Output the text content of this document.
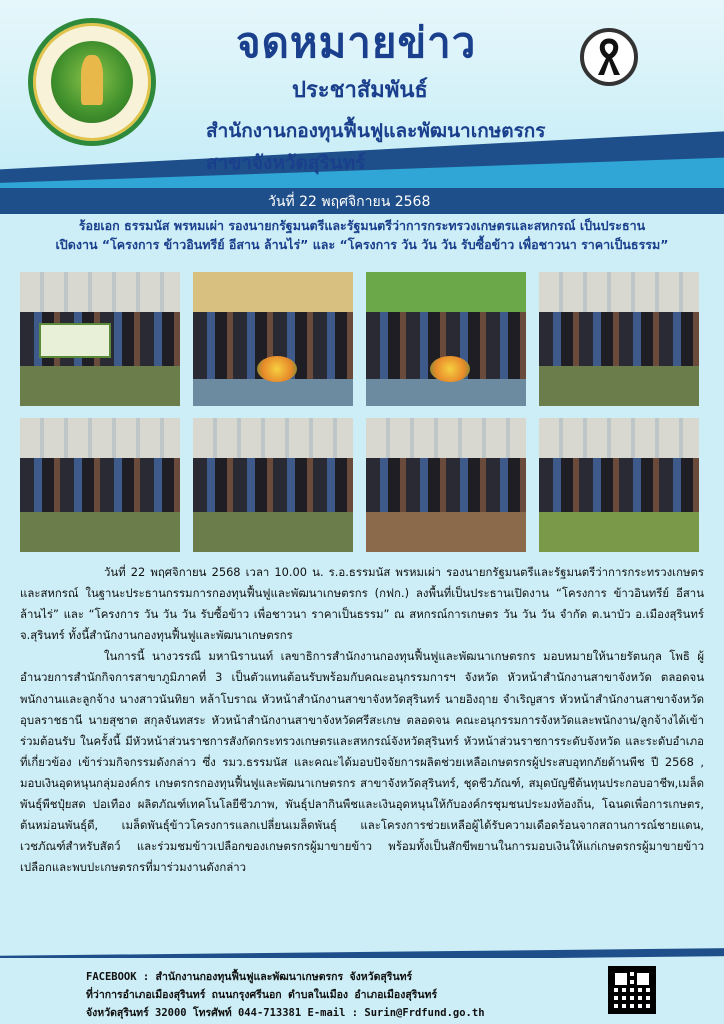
จดหมายข่าว
ประชาสัมพันธ์
สำนักงานกองทุนฟื้นฟูและพัฒนาเกษตรกร
สาขาจังหวัดสุรินทร์
วันที่ 22 พฤศจิกายน 2568
ร้อยเอก ธรรมนัส พรหมเผ่า รองนายกรัฐมนตรีและรัฐมนตรีว่าการกระทรวงเกษตรและสหกรณ์ เป็นประธาน
เปิดงาน “โครงการ ข้าวอินทรีย์ อีสาน ล้านไร่” และ “โครงการ วัน วัน วัน รับซื้อข้าว เพื่อชาวนา ราคาเป็นธรรม”

วันที่ 22 พฤศจิกายน 2568 เวลา 10.00 น. ร.อ.ธรรมนัส พรหมเผ่า รองนายกรัฐมนตรีและรัฐมนตรีว่าการกระทรวงเกษตรและสหกรณ์ ในฐานะประธานกรรมการกองทุนฟื้นฟูและพัฒนาเกษตรกร (กฟก.) ลงพื้นที่เป็นประธานเปิดงาน “โครงการ ข้าวอินทรีย์ อีสาน ล้านไร่” และ “โครงการ วัน วัน วัน รับซื้อข้าว เพื่อชาวนา ราคาเป็นธรรม” ณ สหกรณ์การเกษตร วัน วัน วัน จำกัด ต.นาบัว อ.เมืองสุรินทร์ จ.สุรินทร์ ทั้งนี้สำนักงานกองทุนฟื้นฟูและพัฒนาเกษตรกร

ในการนี้ นางวรรณี มหานิรานนท์ เลขาธิการสำนักงานกองทุนฟื้นฟูและพัฒนาเกษตรกร มอบหมายให้นายรัตนกุล โพธิ ผู้อำนวยการสำนักกิจการสาขาภูมิภาคที่ 3 เป็นตัวแทนต้อนรับพร้อมกับคณะอนุกรรมการฯ จังหวัด หัวหน้าสำนักงานสาขาจังหวัด ตลอดจนพนักงานและลูกจ้าง นางสาวนันทิยา หล้าโบราณ หัวหน้าสำนักงานสาขาจังหวัดสุรินทร์ นายอิงฤาย จำเริญสาร หัวหน้าสำนักงานสาขาจังหวัดอุบลราชธานี นายสุชาต สกุลจันทสระ หัวหน้าสำนักงานสาขาจังหวัดศรีสะเกษ ตลอดจน คณะอนุกรรมการจังหวัดและพนักงาน/ลูกจ้างได้เข้าร่วมต้อนรับ ในครั้งนี้ มีหัวหน้าส่วนราชการสังกัดกระทรวงเกษตรและสหกรณ์จังหวัดสุรินทร์ หัวหน้าส่วนราชการระดับจังหวัด และระดับอำเภอที่เกี่ยวข้อง เข้าร่วมกิจกรรมดังกล่าว ซึ่ง รมว.ธรรมนัส และคณะได้มอบปัจจัยการผลิตช่วยเหลือเกษตรกรผู้ประสบอุทกภัยด้านพืช ปี 2568 , มอบเงินอุดหนุนกลุ่มองค์กร เกษตรกรกองทุนฟื้นฟูและพัฒนาเกษตรกร สาขาจังหวัดสุรินทร์, ชุดชีวภัณฑ์, สมุดบัญชีต้นทุนประกอบอาชีพ,เมล็ดพันธุ์พืชปุ๋ยสด ปอเทือง ผลิตภัณฑ์เทคโนโลยีชีวภาพ, พันธุ์ปลากินพืชและเงินอุดหนุนให้กับองค์กรชุมชนประมงท้องถิ่น, โฉนดเพื่อการเกษตร, ต้นหม่อนพันธุ์ดี, เมล็ดพันธุ์ข้าวโครงการแลกเปลี่ยนเมล็ดพันธุ์ และโครงการช่วยเหลือผู้ได้รับความเดือดร้อนจากสถานการณ์ชายแดน, เวชภัณฑ์สำหรับสัตว์ และร่วมชมข้าวเปลือกของเกษตรกรผู้มาขายข้าว พร้อมทั้งเป็นสักขีพยานในการมอบเงินให้แก่เกษตรกรผู้มาขายข้าวเปลือกและพบปะเกษตรกรที่มาร่วมงานดังกล่าว

FACEBOOK : สำนักงานกองทุนฟื้นฟูและพัฒนาเกษตรกร จังหวัดสุรินทร์
ที่ว่าการอำเภอเมืองสุรินทร์ ถนนกรุงศรีนอก ตำบลในเมือง อำเภอเมืองสุรินทร์
จังหวัดสุรินทร์ 32000 โทรศัพท์ 044-713381 E-mail : Surin@Frdfund.go.th
